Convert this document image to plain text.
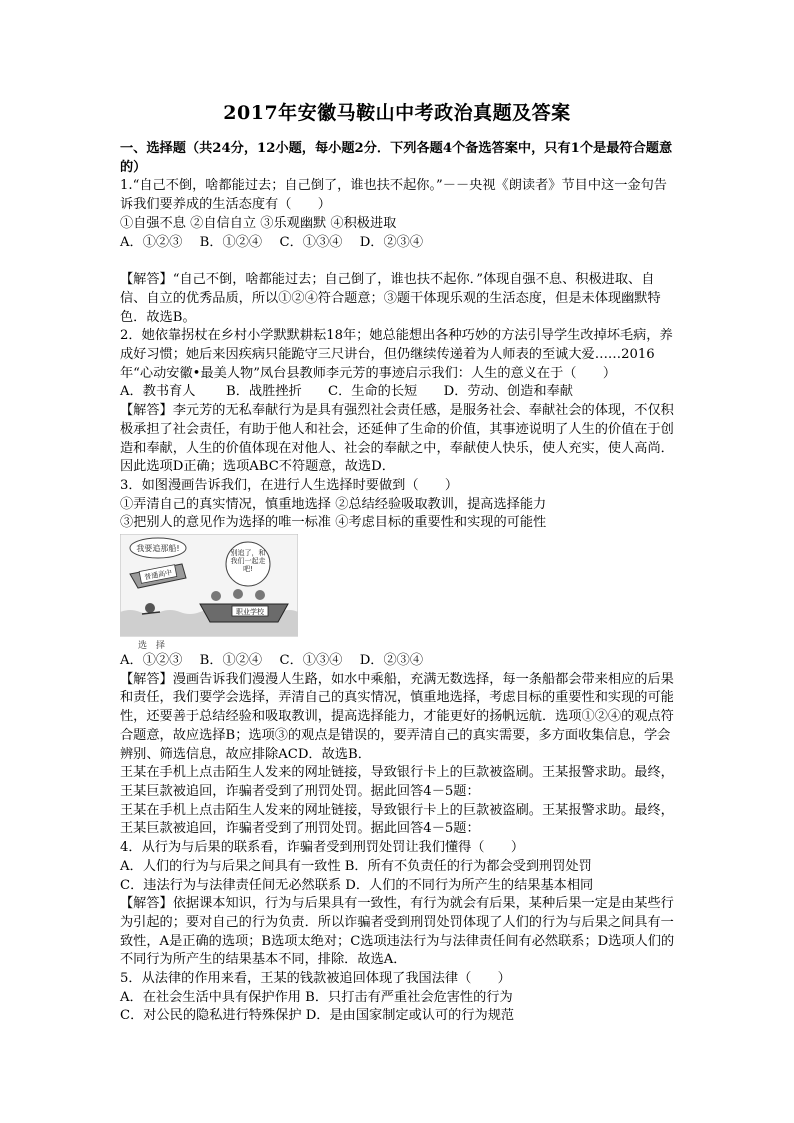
2017年安徽马鞍山中考政治真题及答案

一、选择题（共24分，12小题，每小题2分．下列各题4个备选答案中，只有1个是最符合题意的）

1.“自己不倒，啥都能过去；自己倒了，谁也扶不起你。”－－央视《朗读者》节目中这一金句告诉我们要养成的生活态度有（　　）

①自强不息 ②自信自立 ③乐观幽默 ④积极进取

A．①②③　 B．①②④　 C．①③④　 D．②③④

【解答】“自己不倒，啥都能过去；自己倒了，谁也扶不起你．”体现自强不息、积极进取、自信、自立的优秀品质，所以①②④符合题意；③题干体现乐观的生活态度，但是未体现幽默特色．故选B。

2．她依靠拐杖在乡村小学默默耕耘18年；她总能想出各种巧妙的方法引导学生改掉坏毛病，养成好习惯；她后来因疾病只能跪守三尺讲台，但仍继续传递着为人师表的至诚大爱……2016年“心动安徽•最美人物”凤台县教师李元芳的事迹启示我们：人生的意义在于（　　）

A．教书育人　　 B．战胜挫折　　C．生命的长短　　D．劳动、创造和奉献

【解答】李元芳的无私奉献行为是具有强烈社会责任感，是服务社会、奉献社会的体现，不仅积极承担了社会责任，有助于他人和社会，还延伸了生命的价值，其事迹说明了人生的价值在于创造和奉献，人生的价值体现在对他人、社会的奉献之中，奉献使人快乐，使人充实，使人高尚．因此选项D正确；选项ABC不符题意，故选D．

3．如图漫画告诉我们，在进行人生选择时要做到（　　）

①弄清自己的真实情况，慎重地选择 ②总结经验吸取教训，提高选择能力

③把别人的意见作为选择的唯一标准 ④考虑目标的重要性和实现的可能性

我要追那船!
普通高中
别追了，和我们一起走吧!
职业学校
选　择

A．①②③　 B．①②④　 C．①③④　 D．②③④

【解答】漫画告诉我们漫漫人生路，如水中乘船，充满无数选择，每一条船都会带来相应的后果和责任，我们要学会选择，弄清自己的真实情况，慎重地选择，考虑目标的重要性和实现的可能性，还要善于总结经验和吸取教训，提高选择能力，才能更好的扬帆远航．选项①②④的观点符合题意，故应选择B；选项③的观点是错误的，要弄清自己的真实需要，多方面收集信息，学会辨别、筛选信息，故应排除ACD．故选B．

王某在手机上点击陌生人发来的网址链接，导致银行卡上的巨款被盗刷。王某报警求助。最终，王某巨款被追回，诈骗者受到了刑罚处罚。据此回答4－5题：

王某在手机上点击陌生人发来的网址链接，导致银行卡上的巨款被盗刷。王某报警求助。最终，王某巨款被追回，诈骗者受到了刑罚处罚。据此回答4－5题：

4．从行为与后果的联系看，诈骗者受到刑罚处罚让我们懂得（　　）

A．人们的行为与后果之间具有一致性 B．所有不负责任的行为都会受到刑罚处罚

C．违法行为与法律责任间无必然联系 D．人们的不同行为所产生的结果基本相同

【解答】依据课本知识，行为与后果具有一致性，有行为就会有后果，某种后果一定是由某些行为引起的；要对自己的行为负责．所以诈骗者受到刑罚处罚体现了人们的行为与后果之间具有一致性，A是正确的选项；B选项太绝对；C选项违法行为与法律责任间有必然联系；D选项人们的不同行为所产生的结果基本不同，排除．故选A．

5．从法律的作用来看，王某的钱款被追回体现了我国法律（　　）

A．在社会生活中具有保护作用 B．只打击有严重社会危害性的行为

C．对公民的隐私进行特殊保护 D．是由国家制定或认可的行为规范
